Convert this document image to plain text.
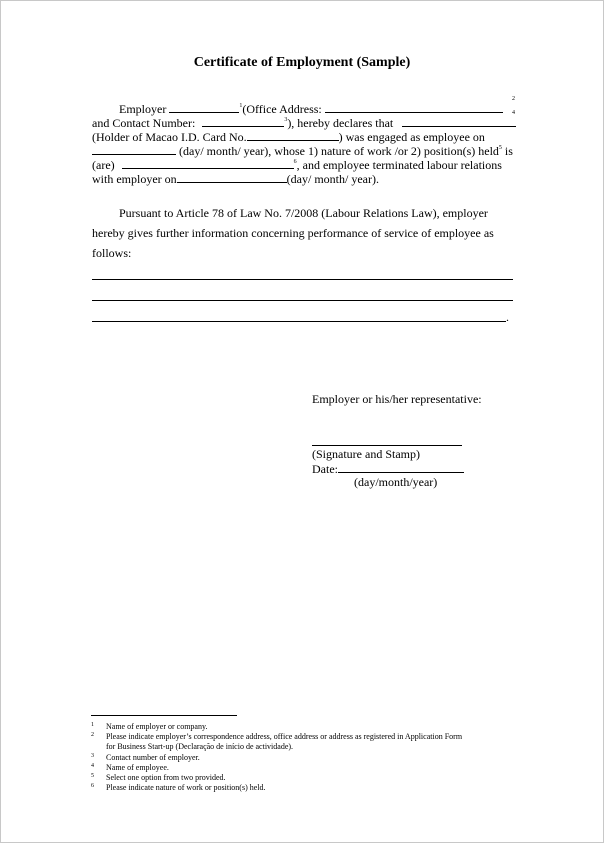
Certificate of Employment (Sample)
Employer	$^1$(Office Address:
2
and Contact Number:	$^3$), hereby declares that
4
(Holder of Macao I.D. Card No.	) was engaged as employee on
(day/ month/ year), whose 1) nature of work /or 2) position(s) held$^5$ is
(are)	$^6$, and employee terminated labour relations
with employer on	(day/ month/ year).
Pursuant to Article 78 of Law No. 7/2008 (Labour Relations Law), employer
hereby gives further information concerning performance of service of employee as
follows:
.
Employer or his/her representative:
(Signature and Stamp)
Date:
(day/month/year)
1 Name of employer or company.
2 Please indicate employer’s correspondence address, office address or address as registered in Application Form
for Business Start-up (Declaração de início de actividade).
3 Contact number of employer.
4 Name of employee.
5 Select one option from two provided.
6 Please indicate nature of work or position(s) held.
